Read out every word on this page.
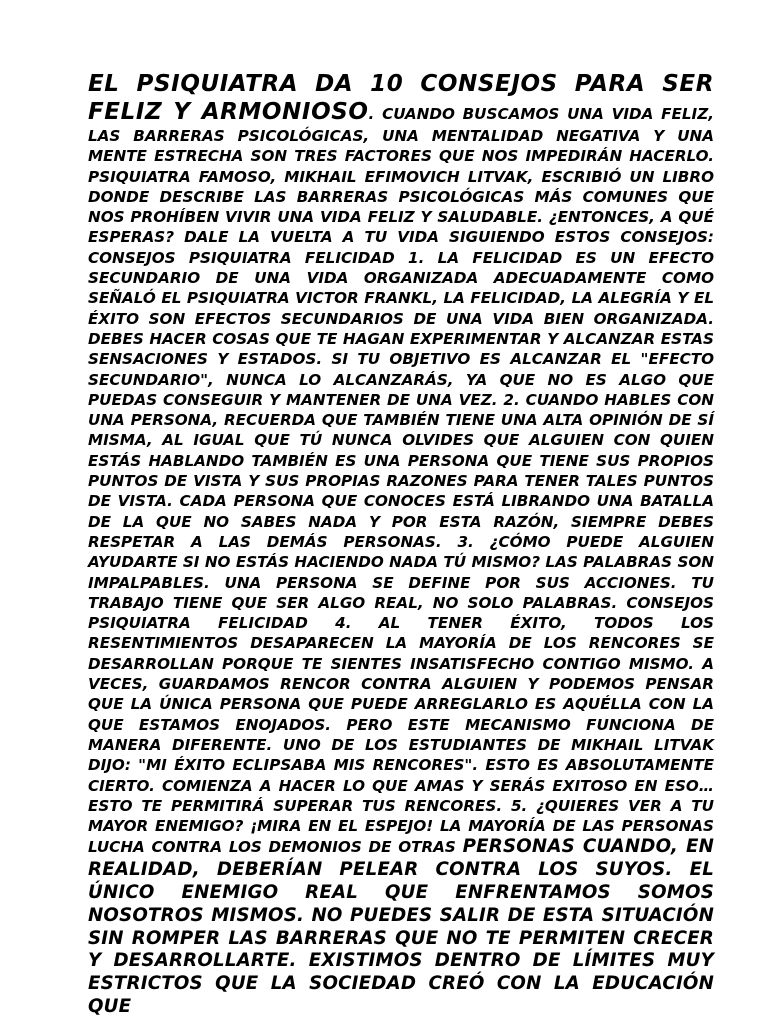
EL PSIQUIATRA DA 10 CONSEJOS PARA SER FELIZ Y ARMONIOSO. CUANDO BUSCAMOS UNA VIDA FELIZ, LAS BARRERAS PSICOLÓGICAS, UNA MENTALIDAD NEGATIVA Y UNA MENTE ESTRECHA SON TRES FACTORES QUE NOS IMPEDIRÁN HACERLO. PSIQUIATRA FAMOSO, MIKHAIL EFIMOVICH LITVAK, ESCRIBIÓ UN LIBRO DONDE DESCRIBE LAS BARRERAS PSICOLÓGICAS MÁS COMUNES QUE NOS PROHÍBEN VIVIR UNA VIDA FELIZ Y SALUDABLE. ¿ENTONCES, A QUÉ ESPERAS? DALE LA VUELTA A TU VIDA SIGUIENDO ESTOS CONSEJOS: CONSEJOS PSIQUIATRA FELICIDAD 1. LA FELICIDAD ES UN EFECTO SECUNDARIO DE UNA VIDA ORGANIZADA ADECUADAMENTE COMO SEÑALÓ EL PSIQUIATRA VICTOR FRANKL, LA FELICIDAD, LA ALEGRÍA Y EL ÉXITO SON EFECTOS SECUNDARIOS DE UNA VIDA BIEN ORGANIZADA. DEBES HACER COSAS QUE TE HAGAN EXPERIMENTAR Y ALCANZAR ESTAS SENSACIONES Y ESTADOS. SI TU OBJETIVO ES ALCANZAR EL "EFECTO SECUNDARIO", NUNCA LO ALCANZARÁS, YA QUE NO ES ALGO QUE PUEDAS CONSEGUIR Y MANTENER DE UNA VEZ. 2. CUANDO HABLES CON UNA PERSONA, RECUERDA QUE TAMBIÉN TIENE UNA ALTA OPINIÓN DE SÍ MISMA, AL IGUAL QUE TÚ NUNCA OLVIDES QUE ALGUIEN CON QUIEN ESTÁS HABLANDO TAMBIÉN ES UNA PERSONA QUE TIENE SUS PROPIOS PUNTOS DE VISTA Y SUS PROPIAS RAZONES PARA TENER TALES PUNTOS DE VISTA. CADA PERSONA QUE CONOCES ESTÁ LIBRANDO UNA BATALLA DE LA QUE NO SABES NADA Y POR ESTA RAZÓN, SIEMPRE DEBES RESPETAR A LAS DEMÁS PERSONAS. 3. ¿CÓMO PUEDE ALGUIEN AYUDARTE SI NO ESTÁS HACIENDO NADA TÚ MISMO? LAS PALABRAS SON IMPALPABLES. UNA PERSONA SE DEFINE POR SUS ACCIONES. TU TRABAJO TIENE QUE SER ALGO REAL, NO SOLO PALABRAS. CONSEJOS PSIQUIATRA FELICIDAD 4. AL TENER ÉXITO, TODOS LOS RESENTIMIENTOS DESAPARECEN LA MAYORÍA DE LOS RENCORES SE DESARROLLAN PORQUE TE SIENTES INSATISFECHO CONTIGO MISMO. A VECES, GUARDAMOS RENCOR CONTRA ALGUIEN Y PODEMOS PENSAR QUE LA ÚNICA PERSONA QUE PUEDE ARREGLARLO ES AQUÉLLA CON LA QUE ESTAMOS ENOJADOS. PERO ESTE MECANISMO FUNCIONA DE MANERA DIFERENTE. UNO DE LOS ESTUDIANTES DE MIKHAIL LITVAK DIJO: "MI ÉXITO ECLIPSABA MIS RENCORES". ESTO ES ABSOLUTAMENTE CIERTO. COMIENZA A HACER LO QUE AMAS Y SERÁS EXITOSO EN ESO… ESTO TE PERMITIRÁ SUPERAR TUS RENCORES. 5. ¿QUIERES VER A TU MAYOR ENEMIGO? ¡MIRA EN EL ESPEJO! LA MAYORÍA DE LAS PERSONAS LUCHA CONTRA LOS DEMONIOS DE OTRAS PERSONAS CUANDO, EN REALIDAD, DEBERÍAN PELEAR CONTRA LOS SUYOS. EL ÚNICO ENEMIGO REAL QUE ENFRENTAMOS SOMOS NOSOTROS MISMOS. NO PUEDES SALIR DE ESTA SITUACIÓN SIN ROMPER LAS BARRERAS QUE NO TE PERMITEN CRECER Y DESARROLLARTE. EXISTIMOS DENTRO DE LÍMITES MUY ESTRICTOS QUE LA SOCIEDAD CREÓ CON LA EDUCACIÓN QUE
